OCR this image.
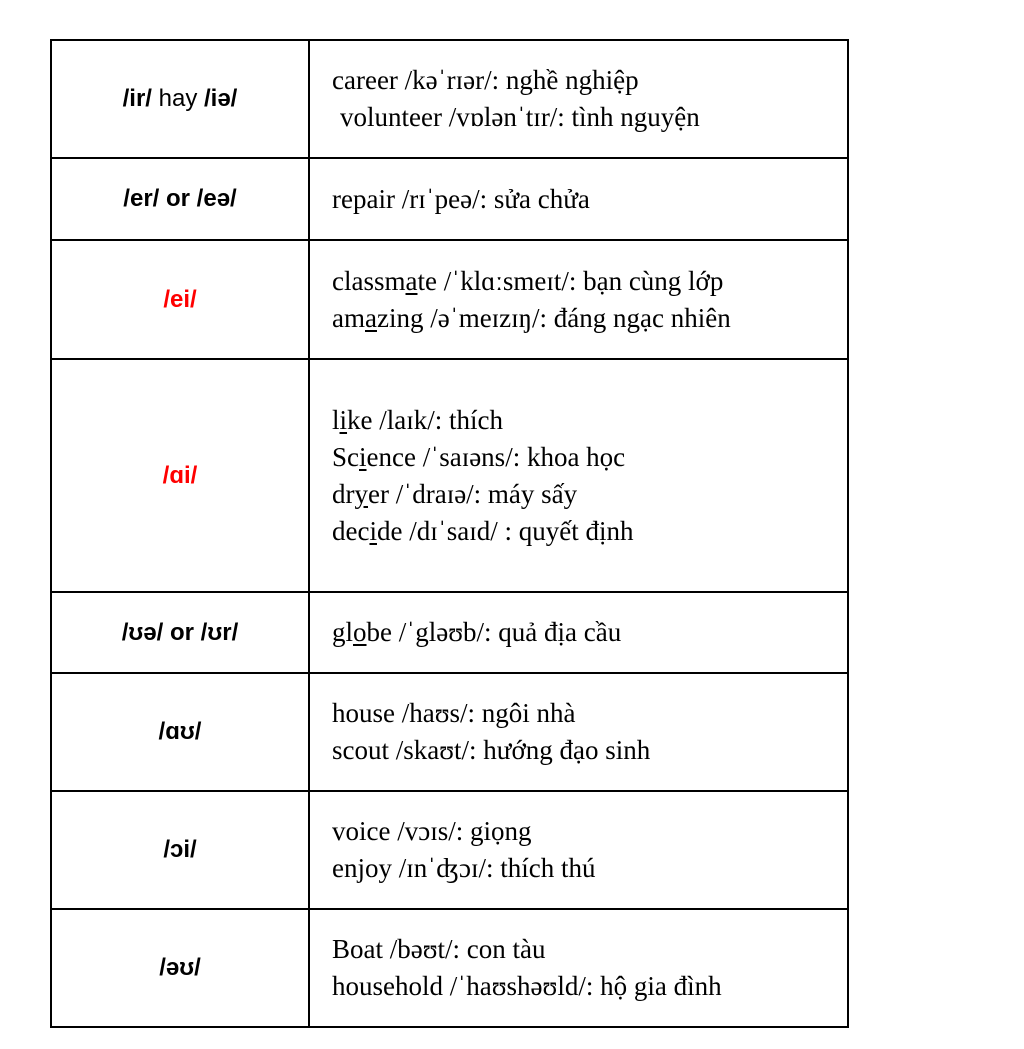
/ir/ hay /iə/	career /kəˈrɪər/: nghề nghiệp
volunteer /vɒlənˈtɪr/: tình nguyện

/er/ or /eə/	repair /rɪˈpeə/: sửa chửa

/ei/	classmate /ˈklɑːsmeɪt/: bạn cùng lớp
amazing /əˈmeɪzɪŋ/: đáng ngạc nhiên

/ɑi/	like /laɪk/: thích
Science /ˈsaɪəns/: khoa học
dryer /ˈdraɪə/: máy sấy
decide /dɪˈsaɪd/ : quyết định

/ʊə/ or /ʊr/	globe /ˈgləʊb/: quả địa cầu

/ɑʊ/	house /haʊs/: ngôi nhà
scout /skaʊt/: hướng đạo sinh

/ɔi/	voice /vɔɪs/: giọng
enjoy /ɪnˈʤɔɪ/: thích thú

/əʊ/	Boat /bəʊt/: con tàu
household /ˈhaʊshəʊld/: hộ gia đình
